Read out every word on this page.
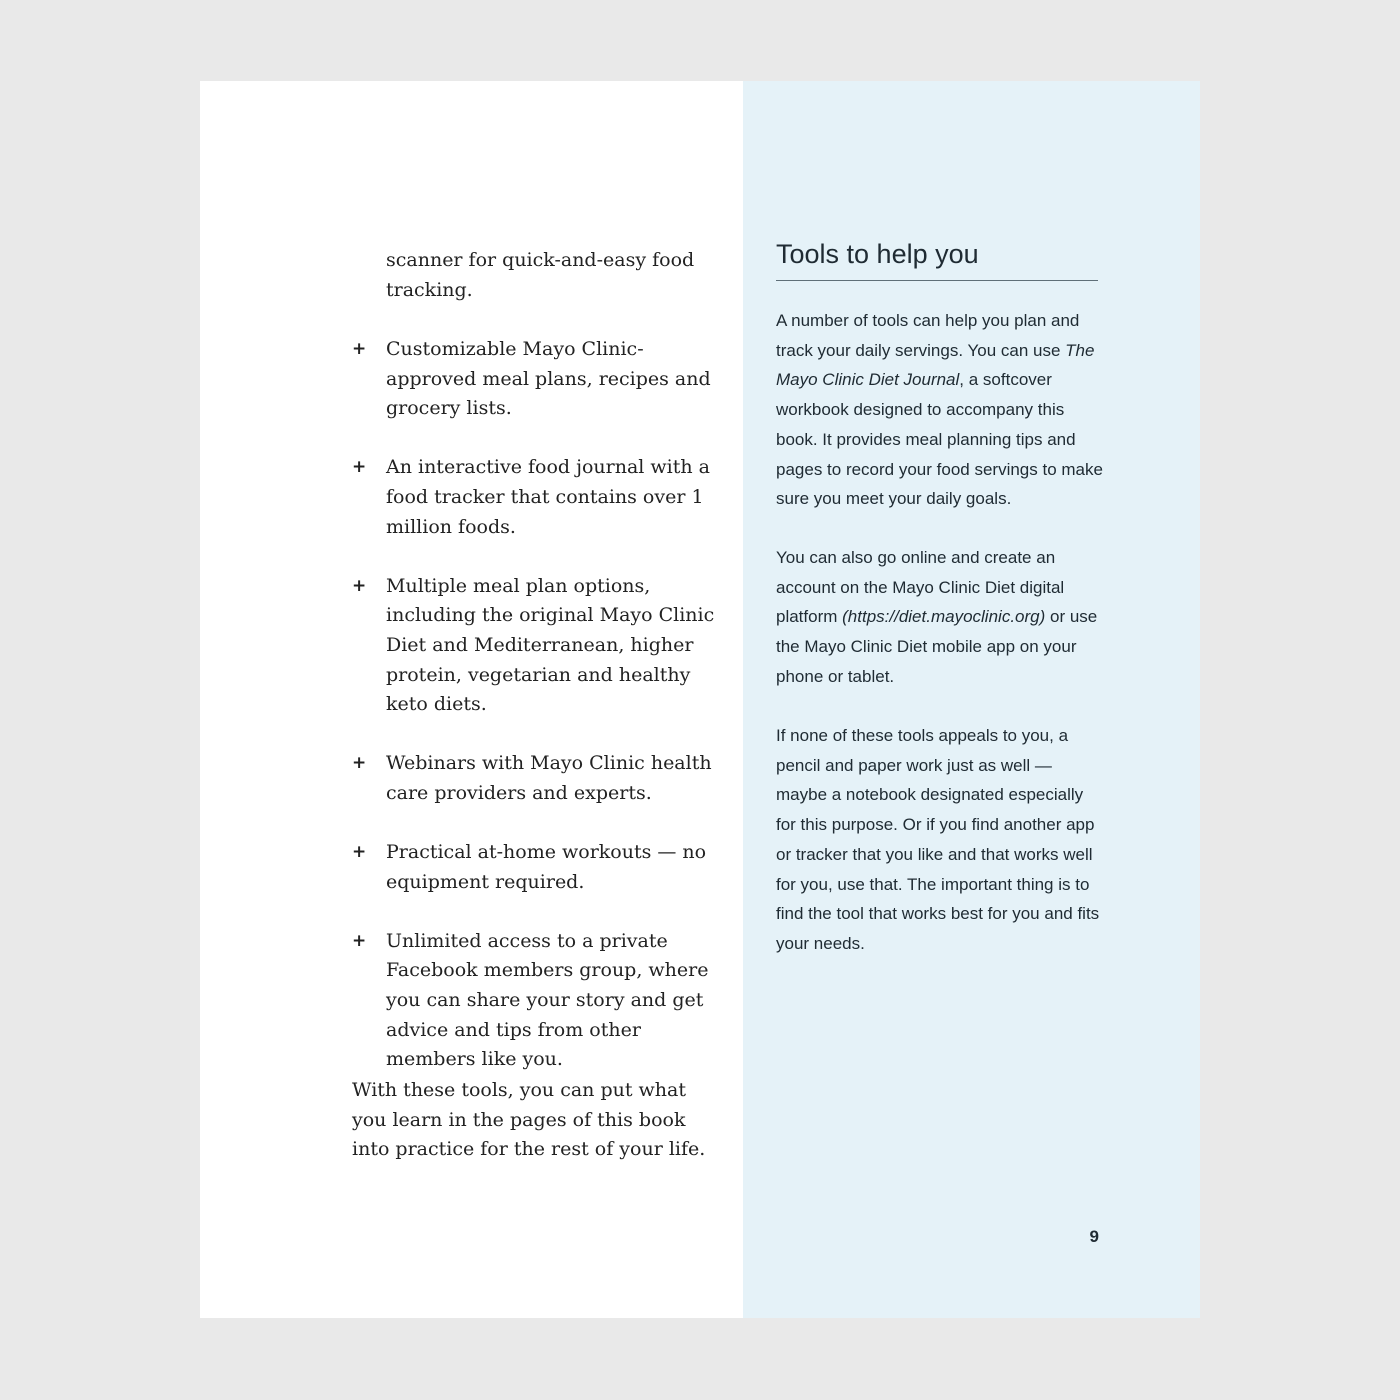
scanner for quick-and-easy food tracking.

+ Customizable Mayo Clinic-approved meal plans, recipes and grocery lists.
+ An interactive food journal with a food tracker that contains over 1 million foods.
+ Multiple meal plan options, including the original Mayo Clinic Diet and Mediterranean, higher protein, vegetarian and healthy keto diets.
+ Webinars with Mayo Clinic health care providers and experts.
+ Practical at-home workouts — no equipment required.
+ Unlimited access to a private Facebook members group, where you can share your story and get advice and tips from other members like you.

With these tools, you can put what you learn in the pages of this book into practice for the rest of your life.

Tools to help you

A number of tools can help you plan and track your daily servings. You can use The Mayo Clinic Diet Journal, a softcover workbook designed to accompany this book. It provides meal planning tips and pages to record your food servings to make sure you meet your daily goals.

You can also go online and create an account on the Mayo Clinic Diet digital platform (https://diet.mayoclinic.org) or use the Mayo Clinic Diet mobile app on your phone or tablet.

If none of these tools appeals to you, a pencil and paper work just as well — maybe a notebook designated especially for this purpose. Or if you find another app or tracker that you like and that works well for you, use that. The important thing is to find the tool that works best for you and fits your needs.

9
